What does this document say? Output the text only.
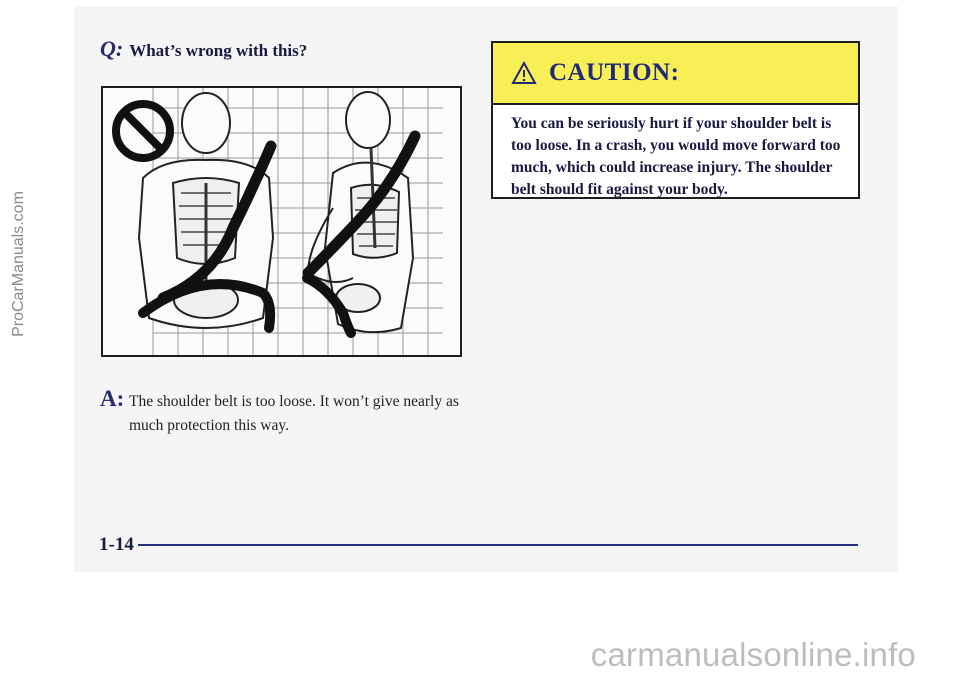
Q: What’s wrong with this?
A: The shoulder belt is too loose. It won’t give nearly as much protection this way.
CAUTION:
You can be seriously hurt if your shoulder belt is too loose. In a crash, you would move forward too much, which could increase injury. The shoulder belt should fit against your body.
1-14
ProCarManuals.com
carmanualsonline.info
